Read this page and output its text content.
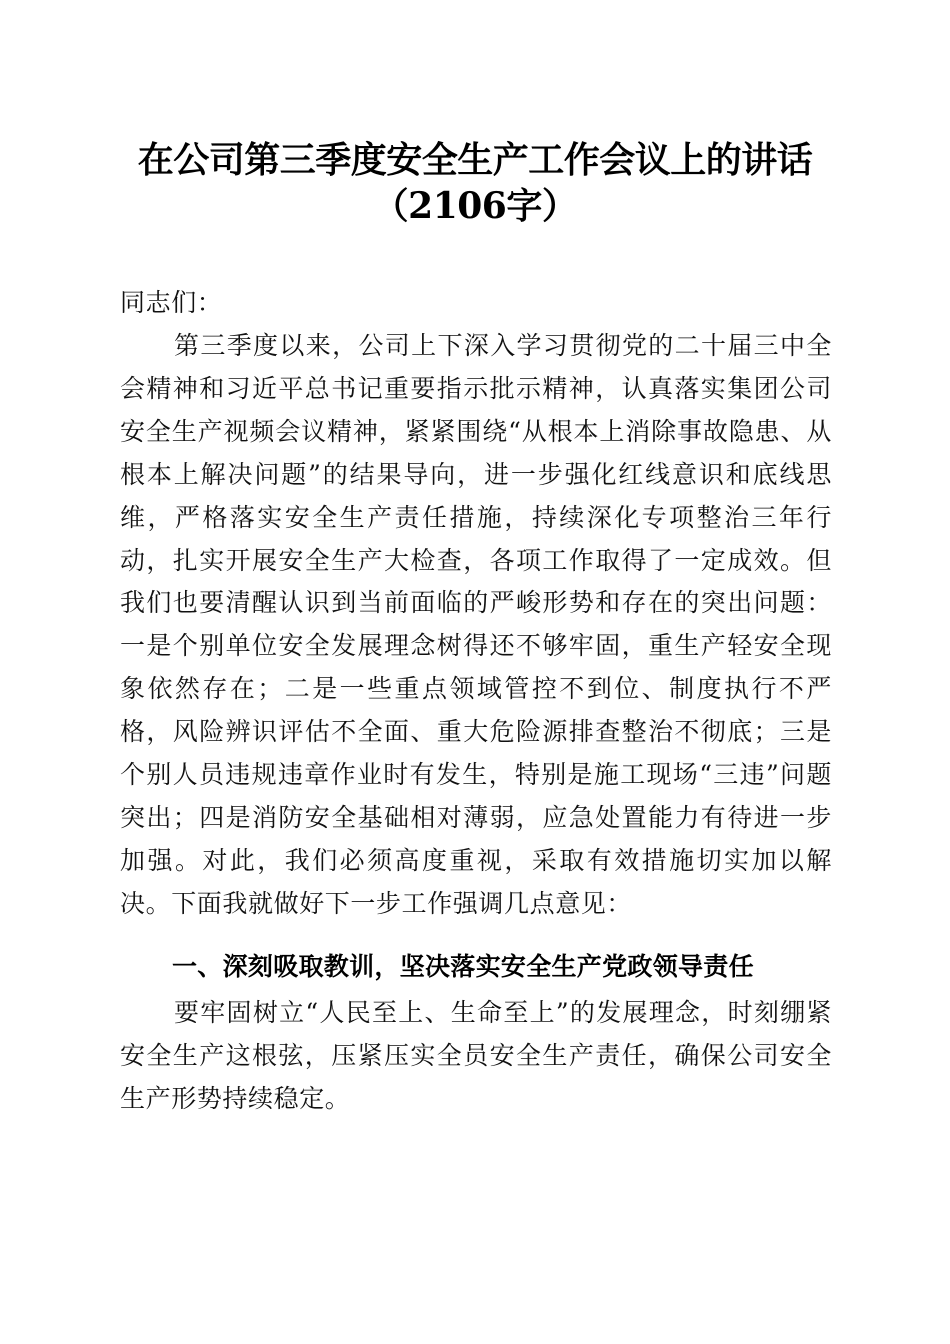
在公司第三季度安全生产工作会议上的讲话
（2106字）
同志们：
第三季度以来，公司上下深入学习贯彻党的二十届三中全会精神和习近平总书记重要指示批示精神，认真落实集团公司安全生产视频会议精神，紧紧围绕“从根本上消除事故隐患、从根本上解决问题”的结果导向，进一步强化红线意识和底线思维，严格落实安全生产责任措施，持续深化专项整治三年行动，扎实开展安全生产大检查，各项工作取得了一定成效。但我们也要清醒认识到当前面临的严峻形势和存在的突出问题：一是个别单位安全发展理念树得还不够牢固，重生产轻安全现象依然存在；二是一些重点领域管控不到位、制度执行不严格，风险辨识评估不全面、重大危险源排查整治不彻底；三是个别人员违规违章作业时有发生，特别是施工现场“三违”问题突出；四是消防安全基础相对薄弱，应急处置能力有待进一步加强。对此，我们必须高度重视，采取有效措施切实加以解决。下面我就做好下一步工作强调几点意见：
一、深刻吸取教训，坚决落实安全生产党政领导责任
要牢固树立“人民至上、生命至上”的发展理念，时刻绷紧安全生产这根弦，压紧压实全员安全生产责任，确保公司安全生产形势持续稳定。
